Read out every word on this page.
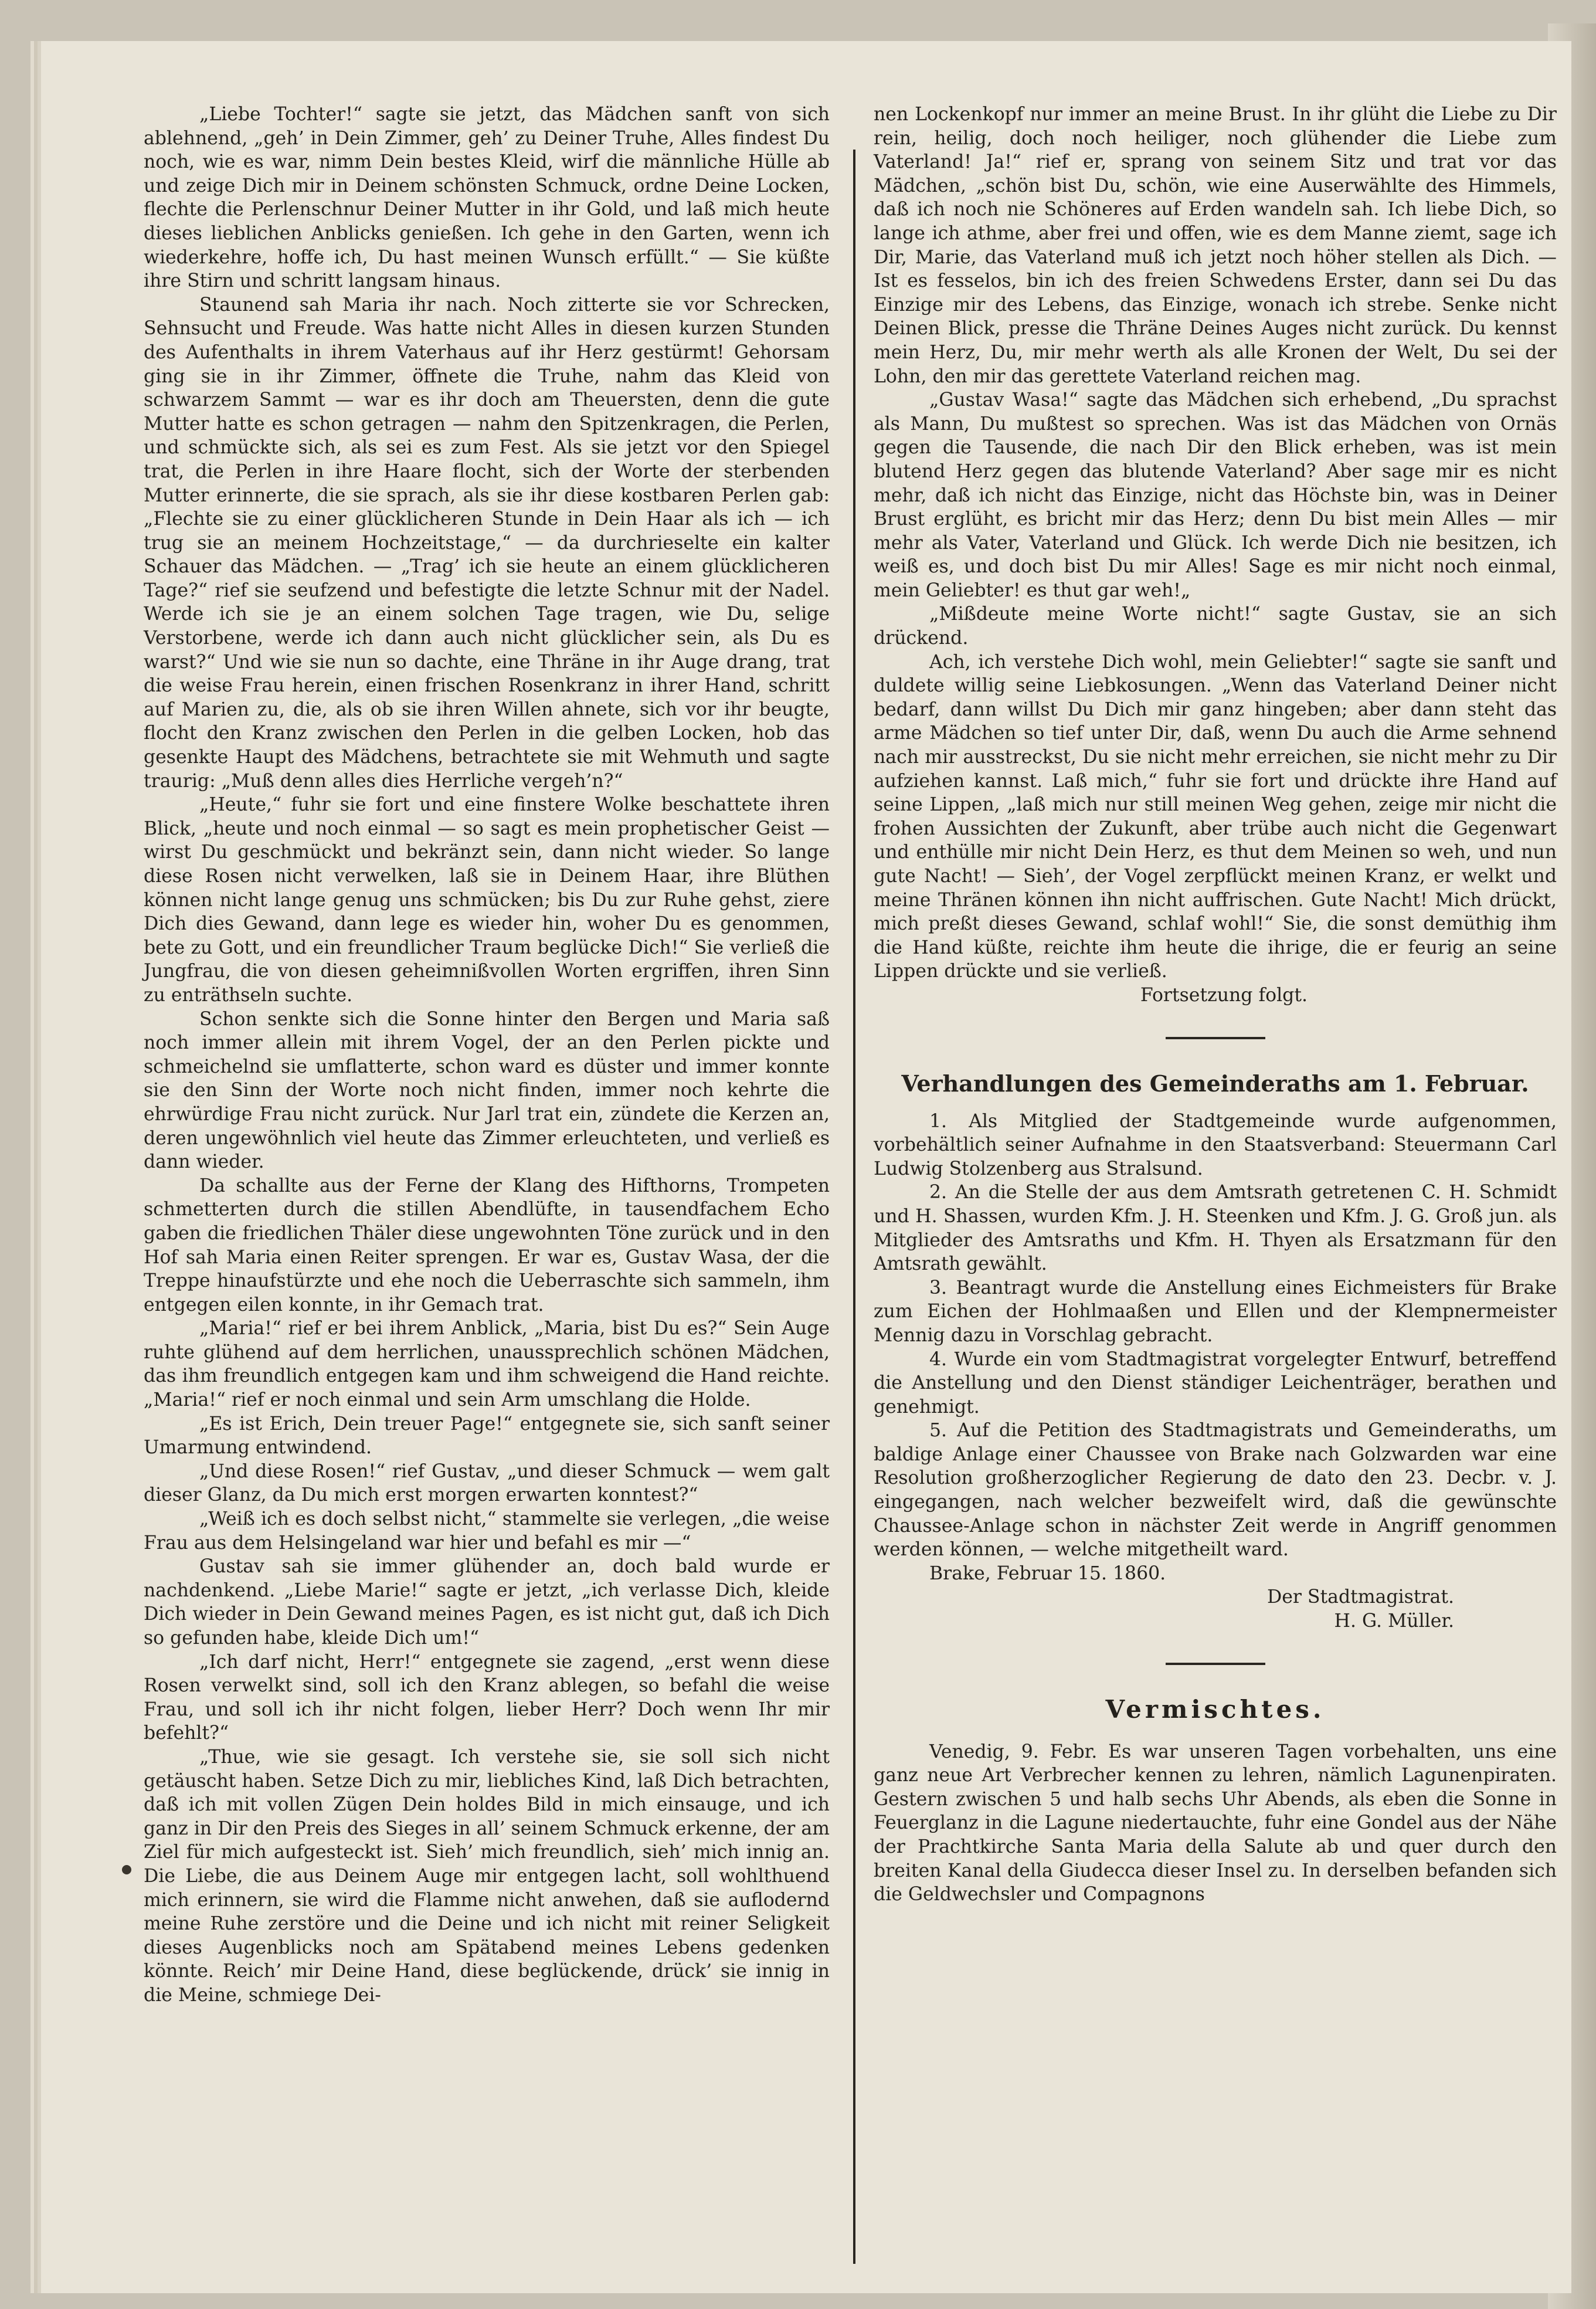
„Liebe Tochter!“ sagte sie jetzt, das Mädchen sanft von sich ablehnend, „geh’ in Dein Zimmer, geh’ zu Deiner Truhe, Alles findest Du noch, wie es war, nimm Dein bestes Kleid, wirf die männliche Hülle ab und zeige Dich mir in Deinem schönsten Schmuck, ordne Deine Locken, flechte die Perlenschnur Deiner Mutter in ihr Gold, und laß mich heute dieses lieblichen Anblicks genießen. Ich gehe in den Garten, wenn ich wiederkehre, hoffe ich, Du hast meinen Wunsch erfüllt.“ — Sie küßte ihre Stirn und schritt langsam hinaus.

Staunend sah Maria ihr nach. Noch zitterte sie vor Schrecken, Sehnsucht und Freude. Was hatte nicht Alles in diesen kurzen Stunden des Aufenthalts in ihrem Vaterhaus auf ihr Herz gestürmt! Gehorsam ging sie in ihr Zimmer, öffnete die Truhe, nahm das Kleid von schwarzem Sammt — war es ihr doch am Theuersten, denn die gute Mutter hatte es schon getragen — nahm den Spitzenkragen, die Perlen, und schmückte sich, als sei es zum Fest. Als sie jetzt vor den Spiegel trat, die Perlen in ihre Haare flocht, sich der Worte der sterbenden Mutter erinnerte, die sie sprach, als sie ihr diese kostbaren Perlen gab: „Flechte sie zu einer glücklicheren Stunde in Dein Haar als ich — ich trug sie an meinem Hochzeitstage,“ — da durchrieselte ein kalter Schauer das Mädchen. — „Trag’ ich sie heute an einem glücklicheren Tage?“ rief sie seufzend und befestigte die letzte Schnur mit der Nadel. Werde ich sie je an einem solchen Tage tragen, wie Du, selige Verstorbene, werde ich dann auch nicht glücklicher sein, als Du es warst?“ Und wie sie nun so dachte, eine Thräne in ihr Auge drang, trat die weise Frau herein, einen frischen Rosenkranz in ihrer Hand, schritt auf Marien zu, die, als ob sie ihren Willen ahnete, sich vor ihr beugte, flocht den Kranz zwischen den Perlen in die gelben Locken, hob das gesenkte Haupt des Mädchens, betrachtete sie mit Wehmuth und sagte traurig: „Muß denn alles dies Herrliche vergeh’n?“

„Heute,“ fuhr sie fort und eine finstere Wolke beschattete ihren Blick, „heute und noch einmal — so sagt es mein prophetischer Geist — wirst Du geschmückt und bekränzt sein, dann nicht wieder. So lange diese Rosen nicht verwelken, laß sie in Deinem Haar, ihre Blüthen können nicht lange genug uns schmücken; bis Du zur Ruhe gehst, ziere Dich dies Gewand, dann lege es wieder hin, woher Du es genommen, bete zu Gott, und ein freundlicher Traum beglücke Dich!“ Sie verließ die Jungfrau, die von diesen geheimnißvollen Worten ergriffen, ihren Sinn zu enträthseln suchte.

Schon senkte sich die Sonne hinter den Bergen und Maria saß noch immer allein mit ihrem Vogel, der an den Perlen pickte und schmeichelnd sie umflatterte, schon ward es düster und immer konnte sie den Sinn der Worte noch nicht finden, immer noch kehrte die ehrwürdige Frau nicht zurück. Nur Jarl trat ein, zündete die Kerzen an, deren ungewöhnlich viel heute das Zimmer erleuchteten, und verließ es dann wieder.

Da schallte aus der Ferne der Klang des Hifthorns, Trompeten schmetterten durch die stillen Abendlüfte, in tausendfachem Echo gaben die friedlichen Thäler diese ungewohnten Töne zurück und in den Hof sah Maria einen Reiter sprengen. Er war es, Gustav Wasa, der die Treppe hinaufstürzte und ehe noch die Ueberraschte sich sammeln, ihm entgegen eilen konnte, in ihr Gemach trat.

„Maria!“ rief er bei ihrem Anblick, „Maria, bist Du es?“ Sein Auge ruhte glühend auf dem herrlichen, unaussprechlich schönen Mädchen, das ihm freundlich entgegen kam und ihm schweigend die Hand reichte. „Maria!“ rief er noch einmal und sein Arm umschlang die Holde.

„Es ist Erich, Dein treuer Page!“ entgegnete sie, sich sanft seiner Umarmung entwindend.

„Und diese Rosen!“ rief Gustav, „und dieser Schmuck — wem galt dieser Glanz, da Du mich erst morgen erwarten konntest?“

„Weiß ich es doch selbst nicht,“ stammelte sie verlegen, „die weise Frau aus dem Helsingeland war hier und befahl es mir —“

Gustav sah sie immer glühender an, doch bald wurde er nachdenkend. „Liebe Marie!“ sagte er jetzt, „ich verlasse Dich, kleide Dich wieder in Dein Gewand meines Pagen, es ist nicht gut, daß ich Dich so gefunden habe, kleide Dich um!“

„Ich darf nicht, Herr!“ entgegnete sie zagend, „erst wenn diese Rosen verwelkt sind, soll ich den Kranz ablegen, so befahl die weise Frau, und soll ich ihr nicht folgen, lieber Herr? Doch wenn Ihr mir befehlt?“

„Thue, wie sie gesagt. Ich verstehe sie, sie soll sich nicht getäuscht haben. Setze Dich zu mir, liebliches Kind, laß Dich betrachten, daß ich mit vollen Zügen Dein holdes Bild in mich einsauge, und ich ganz in Dir den Preis des Sieges in all’ seinem Schmuck erkenne, der am Ziel für mich aufgesteckt ist. Sieh’ mich freundlich, sieh’ mich innig an. Die Liebe, die aus Deinem Auge mir entgegen lacht, soll wohlthuend mich erinnern, sie wird die Flamme nicht anwehen, daß sie auflodernd meine Ruhe zerstöre und die Deine und ich nicht mit reiner Seligkeit dieses Augenblicks noch am Spätabend meines Lebens gedenken könnte. Reich’ mir Deine Hand, diese beglückende, drück’ sie innig in die Meine, schmiege Dei-

nen Lockenkopf nur immer an meine Brust. In ihr glüht die Liebe zu Dir rein, heilig, doch noch heiliger, noch glühender die Liebe zum Vaterland! Ja!“ rief er, sprang von seinem Sitz und trat vor das Mädchen, „schön bist Du, schön, wie eine Auserwählte des Himmels, daß ich noch nie Schöneres auf Erden wandeln sah. Ich liebe Dich, so lange ich athme, aber frei und offen, wie es dem Manne ziemt, sage ich Dir, Marie, das Vaterland muß ich jetzt noch höher stellen als Dich. — Ist es fesselos, bin ich des freien Schwedens Erster, dann sei Du das Einzige mir des Lebens, das Einzige, wonach ich strebe. Senke nicht Deinen Blick, presse die Thräne Deines Auges nicht zurück. Du kennst mein Herz, Du, mir mehr werth als alle Kronen der Welt, Du sei der Lohn, den mir das gerettete Vaterland reichen mag.

„Gustav Wasa!“ sagte das Mädchen sich erhebend, „Du sprachst als Mann, Du mußtest so sprechen. Was ist das Mädchen von Ornäs gegen die Tausende, die nach Dir den Blick erheben, was ist mein blutend Herz gegen das blutende Vaterland? Aber sage mir es nicht mehr, daß ich nicht das Einzige, nicht das Höchste bin, was in Deiner Brust erglüht, es bricht mir das Herz; denn Du bist mein Alles — mir mehr als Vater, Vaterland und Glück. Ich werde Dich nie besitzen, ich weiß es, und doch bist Du mir Alles! Sage es mir nicht noch einmal, mein Geliebter! es thut gar weh!„

„Mißdeute meine Worte nicht!“ sagte Gustav, sie an sich drückend.

Ach, ich verstehe Dich wohl, mein Geliebter!“ sagte sie sanft und duldete willig seine Liebkosungen. „Wenn das Vaterland Deiner nicht bedarf, dann willst Du Dich mir ganz hingeben; aber dann steht das arme Mädchen so tief unter Dir, daß, wenn Du auch die Arme sehnend nach mir ausstreckst, Du sie nicht mehr erreichen, sie nicht mehr zu Dir aufziehen kannst. Laß mich,“ fuhr sie fort und drückte ihre Hand auf seine Lippen, „laß mich nur still meinen Weg gehen, zeige mir nicht die frohen Aussichten der Zukunft, aber trübe auch nicht die Gegenwart und enthülle mir nicht Dein Herz, es thut dem Meinen so weh, und nun gute Nacht! — Sieh’, der Vogel zerpflückt meinen Kranz, er welkt und meine Thränen können ihn nicht auffrischen. Gute Nacht! Mich drückt, mich preßt dieses Gewand, schlaf wohl!“ Sie, die sonst demüthig ihm die Hand küßte, reichte ihm heute die ihrige, die er feurig an seine Lippen drückte und sie verließ.

Fortsetzung folgt.

Verhandlungen des Gemeinderaths am 1. Februar.

1. Als Mitglied der Stadtgemeinde wurde aufgenommen, vorbehältlich seiner Aufnahme in den Staatsverband: Steuermann Carl Ludwig Stolzenberg aus Stralsund.

2. An die Stelle der aus dem Amtsrath getretenen C. H. Schmidt und H. Shassen, wurden Kfm. J. H. Steenken und Kfm. J. G. Groß jun. als Mitglieder des Amtsraths und Kfm. H. Thyen als Ersatzmann für den Amtsrath gewählt.

3. Beantragt wurde die Anstellung eines Eichmeisters für Brake zum Eichen der Hohlmaaßen und Ellen und der Klempnermeister Mennig dazu in Vorschlag gebracht.

4. Wurde ein vom Stadtmagistrat vorgelegter Entwurf, betreffend die Anstellung und den Dienst ständiger Leichenträger, berathen und genehmigt.

5. Auf die Petition des Stadtmagistrats und Gemeinderaths, um baldige Anlage einer Chaussee von Brake nach Golzwarden war eine Resolution großherzoglicher Regierung de dato den 23. Decbr. v. J. eingegangen, nach welcher bezweifelt wird, daß die gewünschte Chaussee-Anlage schon in nächster Zeit werde in Angriff genommen werden können, — welche mitgetheilt ward.

Brake, Februar 15. 1860.

Der Stadtmagistrat.

H. G. Müller.

Vermischtes.

Venedig, 9. Febr. Es war unseren Tagen vorbehalten, uns eine ganz neue Art Verbrecher kennen zu lehren, nämlich Lagunenpiraten. Gestern zwischen 5 und halb sechs Uhr Abends, als eben die Sonne in Feuerglanz in die Lagune niedertauchte, fuhr eine Gondel aus der Nähe der Prachtkirche Santa Maria della Salute ab und quer durch den breiten Kanal della Giudecca dieser Insel zu. In derselben befanden sich die Geldwechsler und Compagnons
